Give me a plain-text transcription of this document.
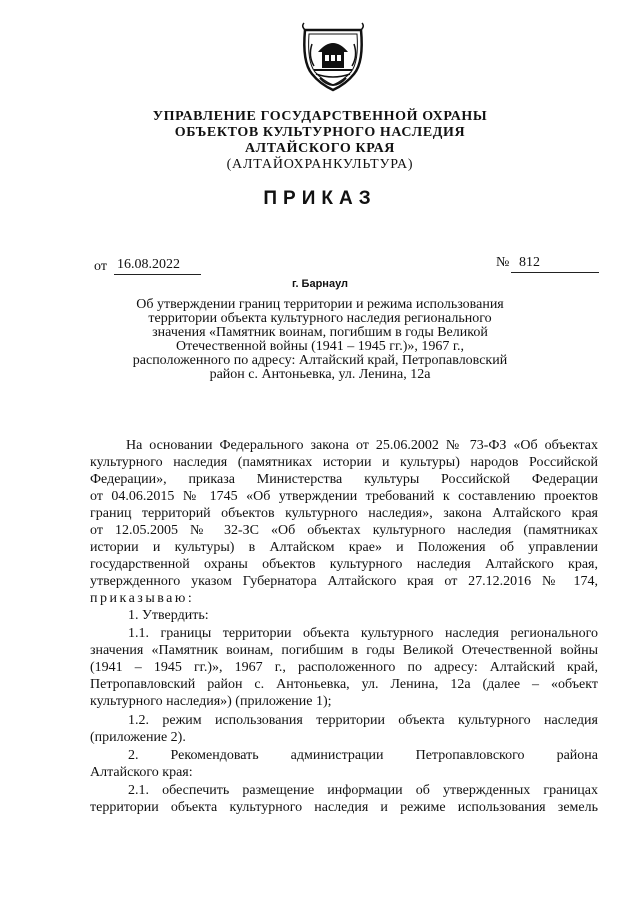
УПРАВЛЕНИЕ ГОСУДАРСТВЕННОЙ ОХРАНЫ
ОБЪЕКТОВ КУЛЬТУРНОГО НАСЛЕДИЯ
АЛТАЙСКОГО КРАЯ
(АЛТАЙОХРАНКУЛЬТУРА)
ПРИКАЗ
от 16.08.2022	№ 812
г. Барнаул
Об утверждении границ территории и режима использования
территории объекта культурного наследия регионального
значения «Памятник воинам, погибшим в годы Великой
Отечественной войны (1941 – 1945 гг.)», 1967 г.,
расположенного по адресу: Алтайский край, Петропавловский
район с. Антоньевка, ул. Ленина, 12а
На основании Федерального закона от 25.06.2002 № 73-ФЗ «Об объектах
культурного наследия (памятниках истории и культуры) народов Российской
Федерации», приказа Министерства культуры Российской Федерации
от 04.06.2015 № 1745 «Об утверждении требований к составлению проектов
границ территорий объектов культурного наследия», закона Алтайского края
от 12.05.2005 № 32-ЗС «Об объектах культурного наследия (памятниках
истории и культуры) в Алтайском крае» и Положения об управлении
государственной охраны объектов культурного наследия Алтайского края,
утвержденного указом Губернатора Алтайского края от 27.12.2016 № 174,
приказываю:
1. Утвердить:
1.1. границы территории объекта культурного наследия регионального
значения «Памятник воинам, погибшим в годы Великой Отечественной войны
(1941 – 1945 гг.)», 1967 г., расположенного по адресу: Алтайский край,
Петропавловский район с. Антоньевка, ул. Ленина, 12а (далее – «объект
культурного наследия») (приложение 1);
1.2. режим использования территории объекта культурного наследия
(приложение 2).
2. Рекомендовать администрации Петропавловского района
Алтайского края:
2.1. обеспечить размещение информации об утвержденных границах
территории объекта культурного наследия и режиме использования земель
